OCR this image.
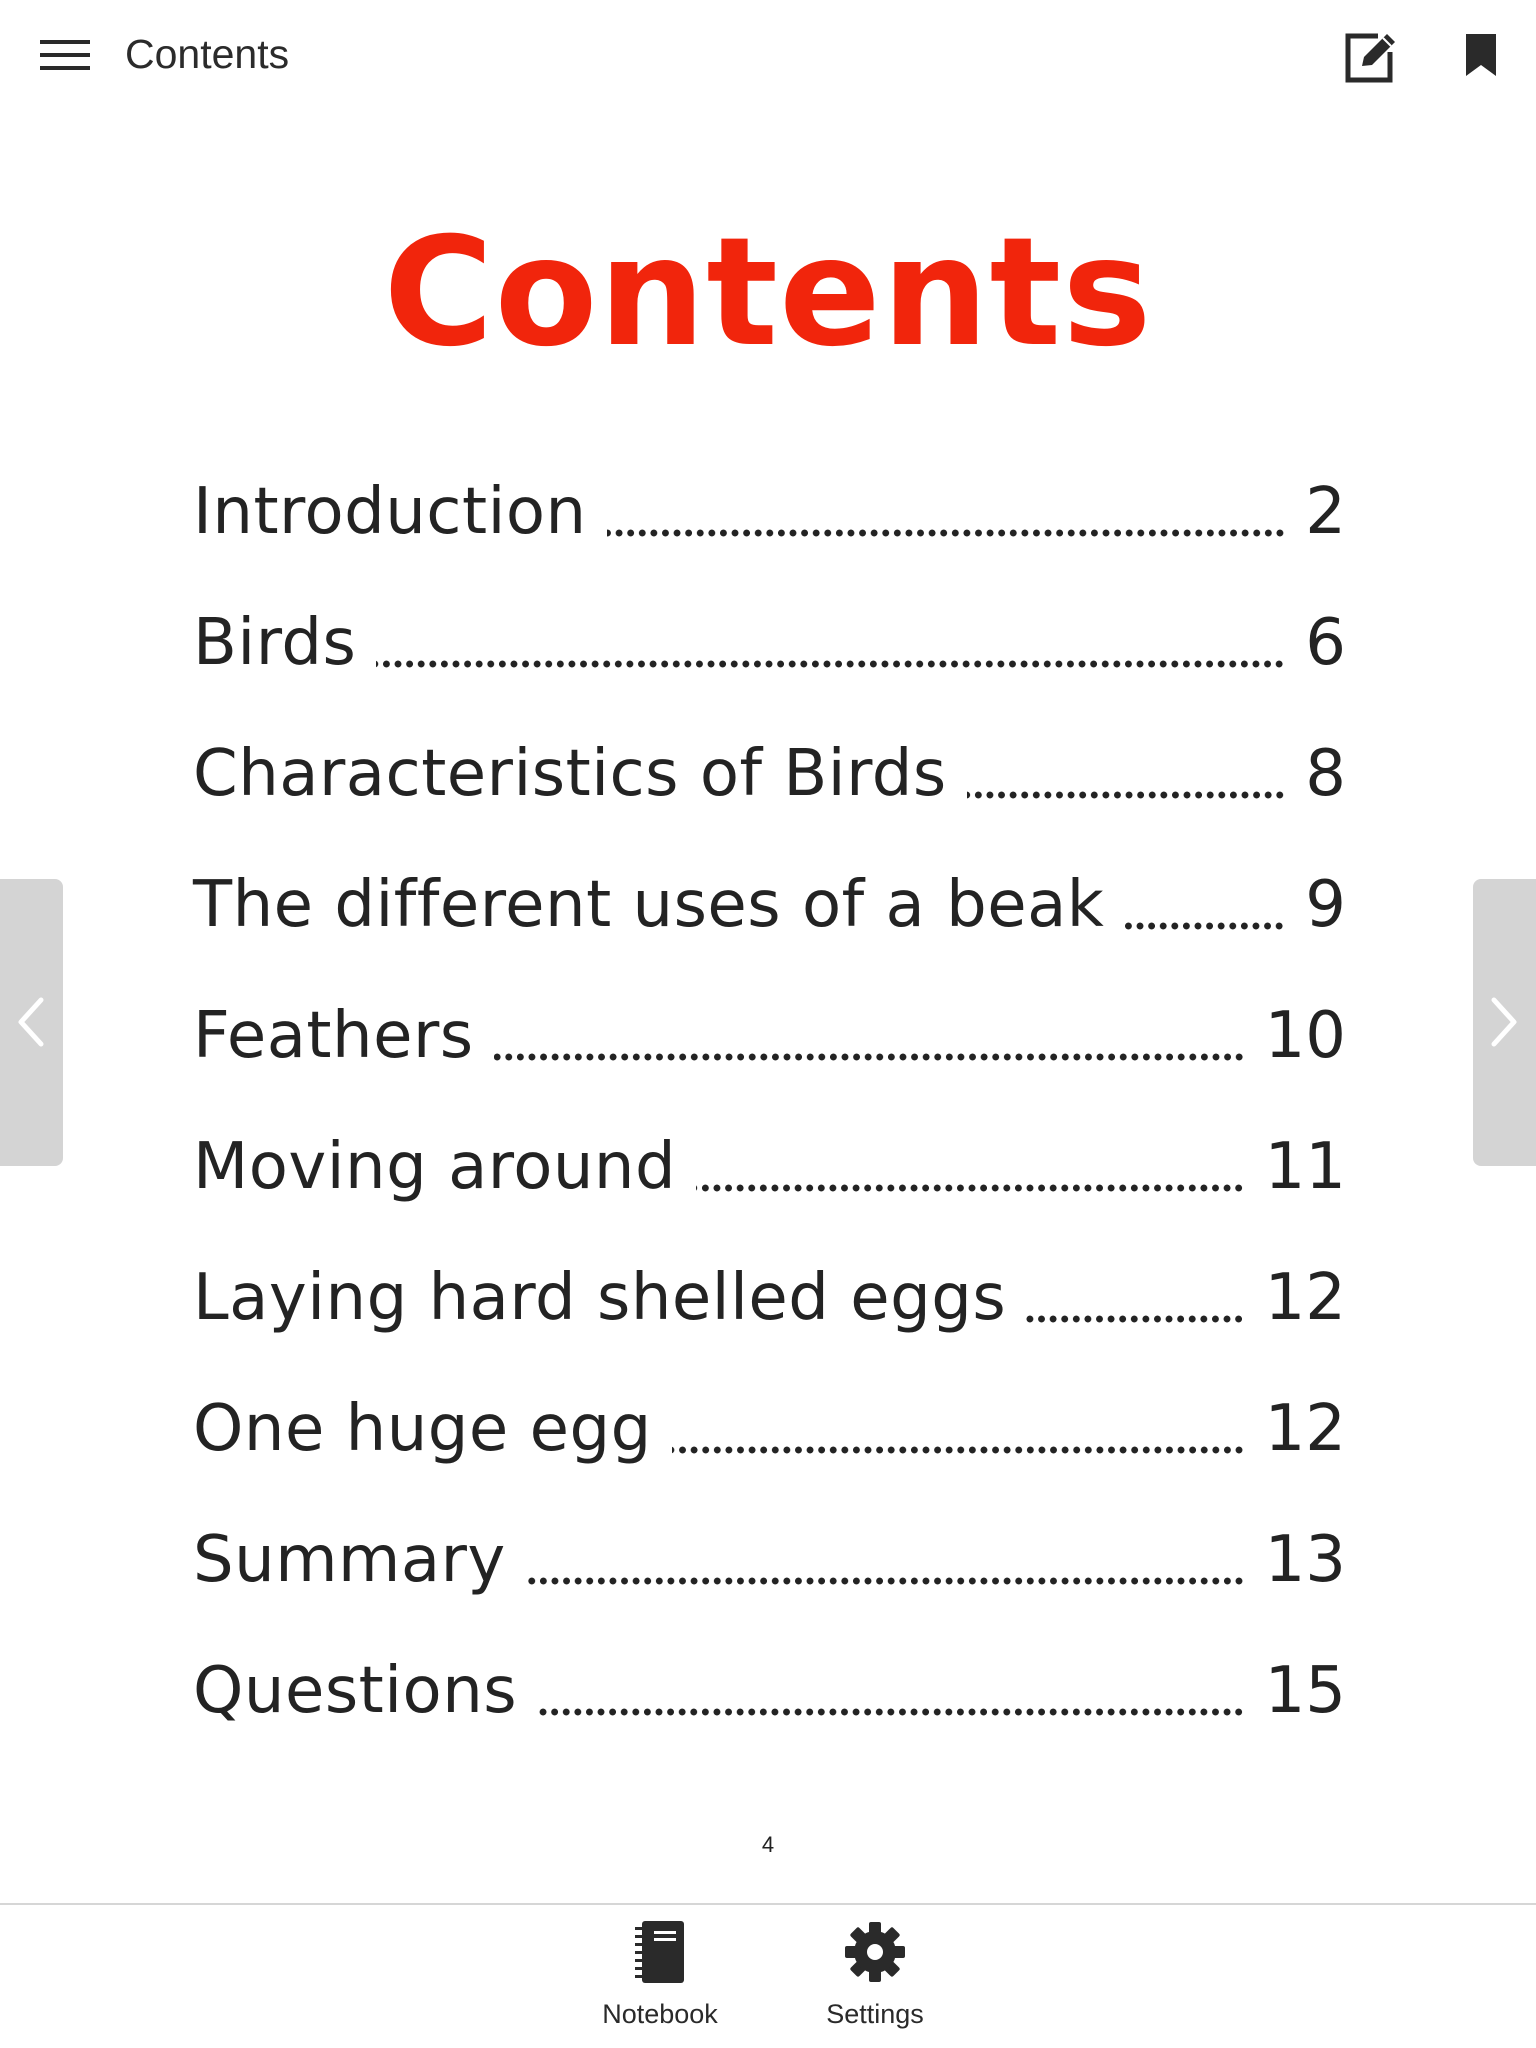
Contents
Contents
Introduction	2
Birds	6
Characteristics of Birds	8
The different uses of a beak	9
Feathers	10
Moving around	11
Laying hard shelled eggs	12
One huge egg	12
Summary	13
Questions	15
4
Notebook	Settings
